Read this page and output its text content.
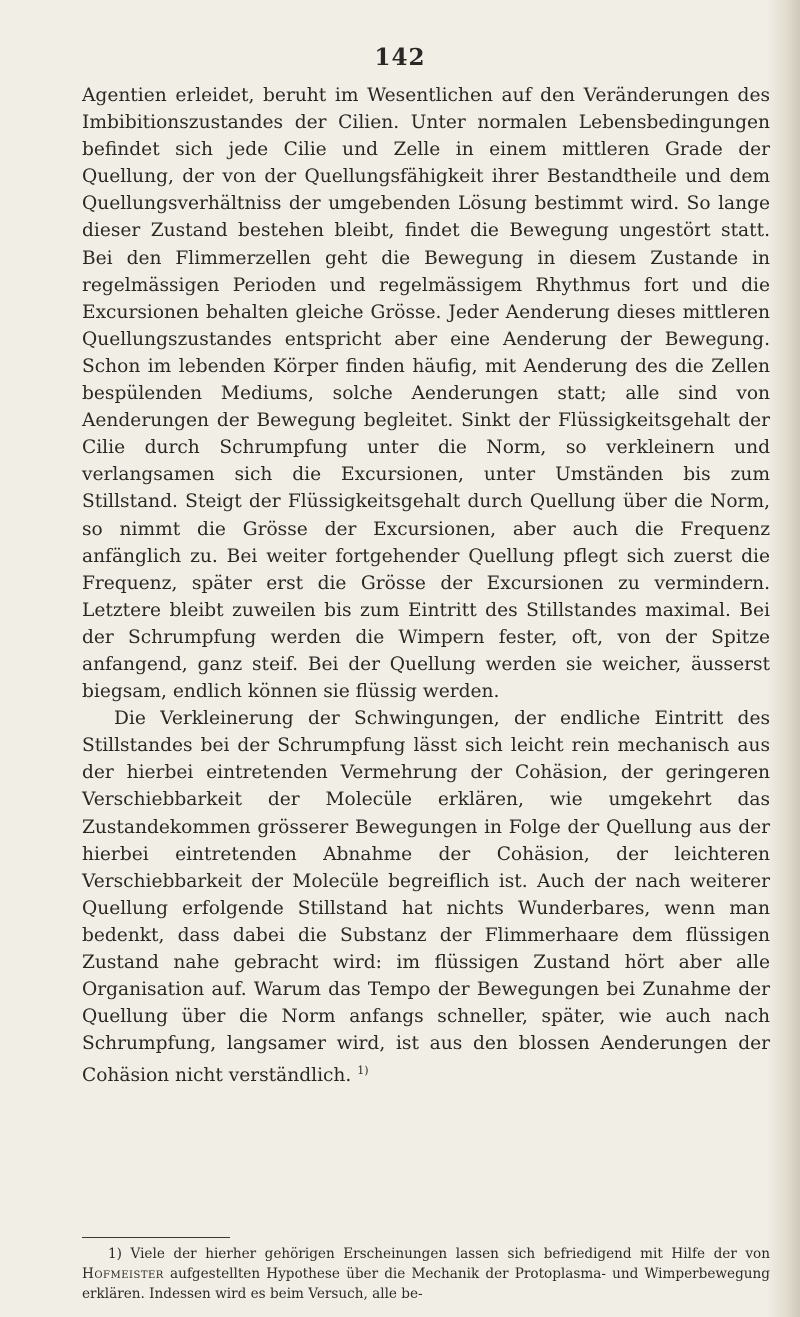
142

Agentien erleidet, beruht im Wesentlichen auf den Veränderungen des Imbibitionszustandes der Cilien. Unter normalen Lebensbedingungen befindet sich jede Cilie und Zelle in einem mittleren Grade der Quellung, der von der Quellungsfähigkeit ihrer Bestandtheile und dem Quellungsverhältniss der umgebenden Lösung bestimmt wird. So lange dieser Zustand bestehen bleibt, findet die Bewegung ungestört statt. Bei den Flimmerzellen geht die Bewegung in diesem Zustande in regelmässigen Perioden und regelmässigem Rhythmus fort und die Excursionen behalten gleiche Grösse. Jeder Aenderung dieses mittleren Quellungszustandes entspricht aber eine Aenderung der Bewegung. Schon im lebenden Körper finden häufig, mit Aenderung des die Zellen bespülenden Mediums, solche Aenderungen statt; alle sind von Aenderungen der Bewegung begleitet. Sinkt der Flüssigkeitsgehalt der Cilie durch Schrumpfung unter die Norm, so verkleinern und verlangsamen sich die Excursionen, unter Umständen bis zum Stillstand. Steigt der Flüssigkeitsgehalt durch Quellung über die Norm, so nimmt die Grösse der Excursionen, aber auch die Frequenz anfänglich zu. Bei weiter fortgehender Quellung pflegt sich zuerst die Frequenz, später erst die Grösse der Excursionen zu vermindern. Letztere bleibt zuweilen bis zum Eintritt des Stillstandes maximal. Bei der Schrumpfung werden die Wimpern fester, oft, von der Spitze anfangend, ganz steif. Bei der Quellung werden sie weicher, äusserst biegsam, endlich können sie flüssig werden.

Die Verkleinerung der Schwingungen, der endliche Eintritt des Stillstandes bei der Schrumpfung lässt sich leicht rein mechanisch aus der hierbei eintretenden Vermehrung der Cohäsion, der geringeren Verschiebbarkeit der Molecüle erklären, wie umgekehrt das Zustandekommen grösserer Bewegungen in Folge der Quellung aus der hierbei eintretenden Abnahme der Cohäsion, der leichteren Verschiebbarkeit der Molecüle begreiflich ist. Auch der nach weiterer Quellung erfolgende Stillstand hat nichts Wunderbares, wenn man bedenkt, dass dabei die Substanz der Flimmerhaare dem flüssigen Zustand nahe gebracht wird: im flüssigen Zustand hört aber alle Organisation auf. Warum das Tempo der Bewegungen bei Zunahme der Quellung über die Norm anfangs schneller, später, wie auch nach Schrumpfung, langsamer wird, ist aus den blossen Aenderungen der Cohäsion nicht verständlich. $^{1)}$

1) Viele der hierher gehörigen Erscheinungen lassen sich befriedigend mit Hilfe der von Hofmeister aufgestellten Hypothese über die Mechanik der Protoplasma- und Wimperbewegung erklären. Indessen wird es beim Versuch, alle be-
